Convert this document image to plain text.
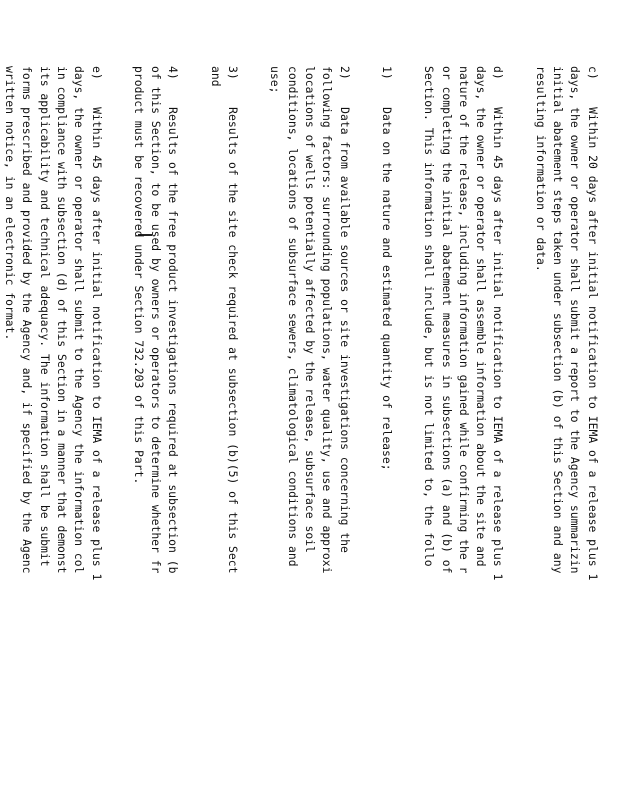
c)    Within 20 days after initial notification to IEMA of a release plus 1

days, the owner or operator shall submit a report to the Agency summarizin

initial abatement steps taken under subsection (b) of this Section and any

resulting information or data.

d)    Within 45 days after initial notification to IEMA of a release plus 1

days, the owner or operator shall assemble information about the site and

nature of the release, including information gained while confirming the r

or completing the initial abatement measures in subsections (a) and (b) of

Section. This information shall include, but is not limited to, the follo

1)    Data on the nature and estimated quantity of release;

2)    Data from available sources or site investigations concerning the

following factors: surrounding populations, water quality, use and approxi

locations of wells potentially affected by the release, subsurface soil

conditions, locations of subsurface sewers, climatological conditions and

use;

3)    Results of the site check required at subsection (b)(5) of this Sect

and

4)    Results of the free product investigations required at subsection (b

of this Section, to be used by owners or operators to determine whether fr

product must be recovered under Section 732.203 of this Part.

e)    Within 45 days after initial notification to IEMA of a release plus 1

days, the owner or operator shall submit to the Agency the information col

in compliance with subsection (d) of this Section in a manner that demonst

its applicability and technical adequacy. The information shall be submit

forms prescribed and provided by the Agency and, if specified by the Agenc

written notice, in an electronic format.
